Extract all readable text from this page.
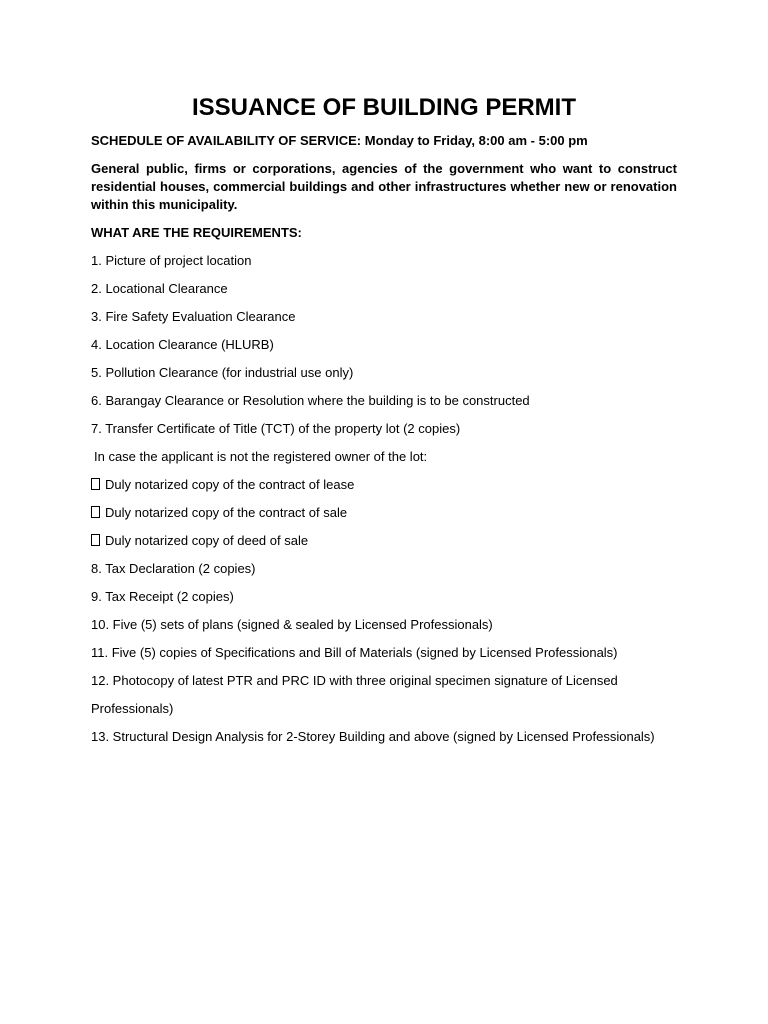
ISSUANCE OF BUILDING PERMIT
SCHEDULE OF AVAILABILITY OF SERVICE: Monday to Friday, 8:00 am - 5:00 pm
General public, firms or corporations, agencies of the government who want to construct residential houses, commercial buildings and other infrastructures whether new or renovation within this municipality.
WHAT ARE THE REQUIREMENTS:
1. Picture of project location
2. Locational Clearance
3. Fire Safety Evaluation Clearance
4. Location Clearance (HLURB)
5. Pollution Clearance (for industrial use only)
6. Barangay Clearance or Resolution where the building is to be constructed
7. Transfer Certificate of Title (TCT) of the property lot (2 copies)
In case the applicant is not the registered owner of the lot:
Duly notarized copy of the contract of lease
Duly notarized copy of the contract of sale
Duly notarized copy of deed of sale
8. Tax Declaration (2 copies)
9. Tax Receipt (2 copies)
10. Five (5) sets of plans (signed & sealed by Licensed Professionals)
11. Five (5) copies of Specifications and Bill of Materials (signed by Licensed Professionals)
12. Photocopy of latest PTR and PRC ID with three original specimen signature of Licensed
Professionals)
13. Structural Design Analysis for 2-Storey Building and above (signed by Licensed Professionals)
